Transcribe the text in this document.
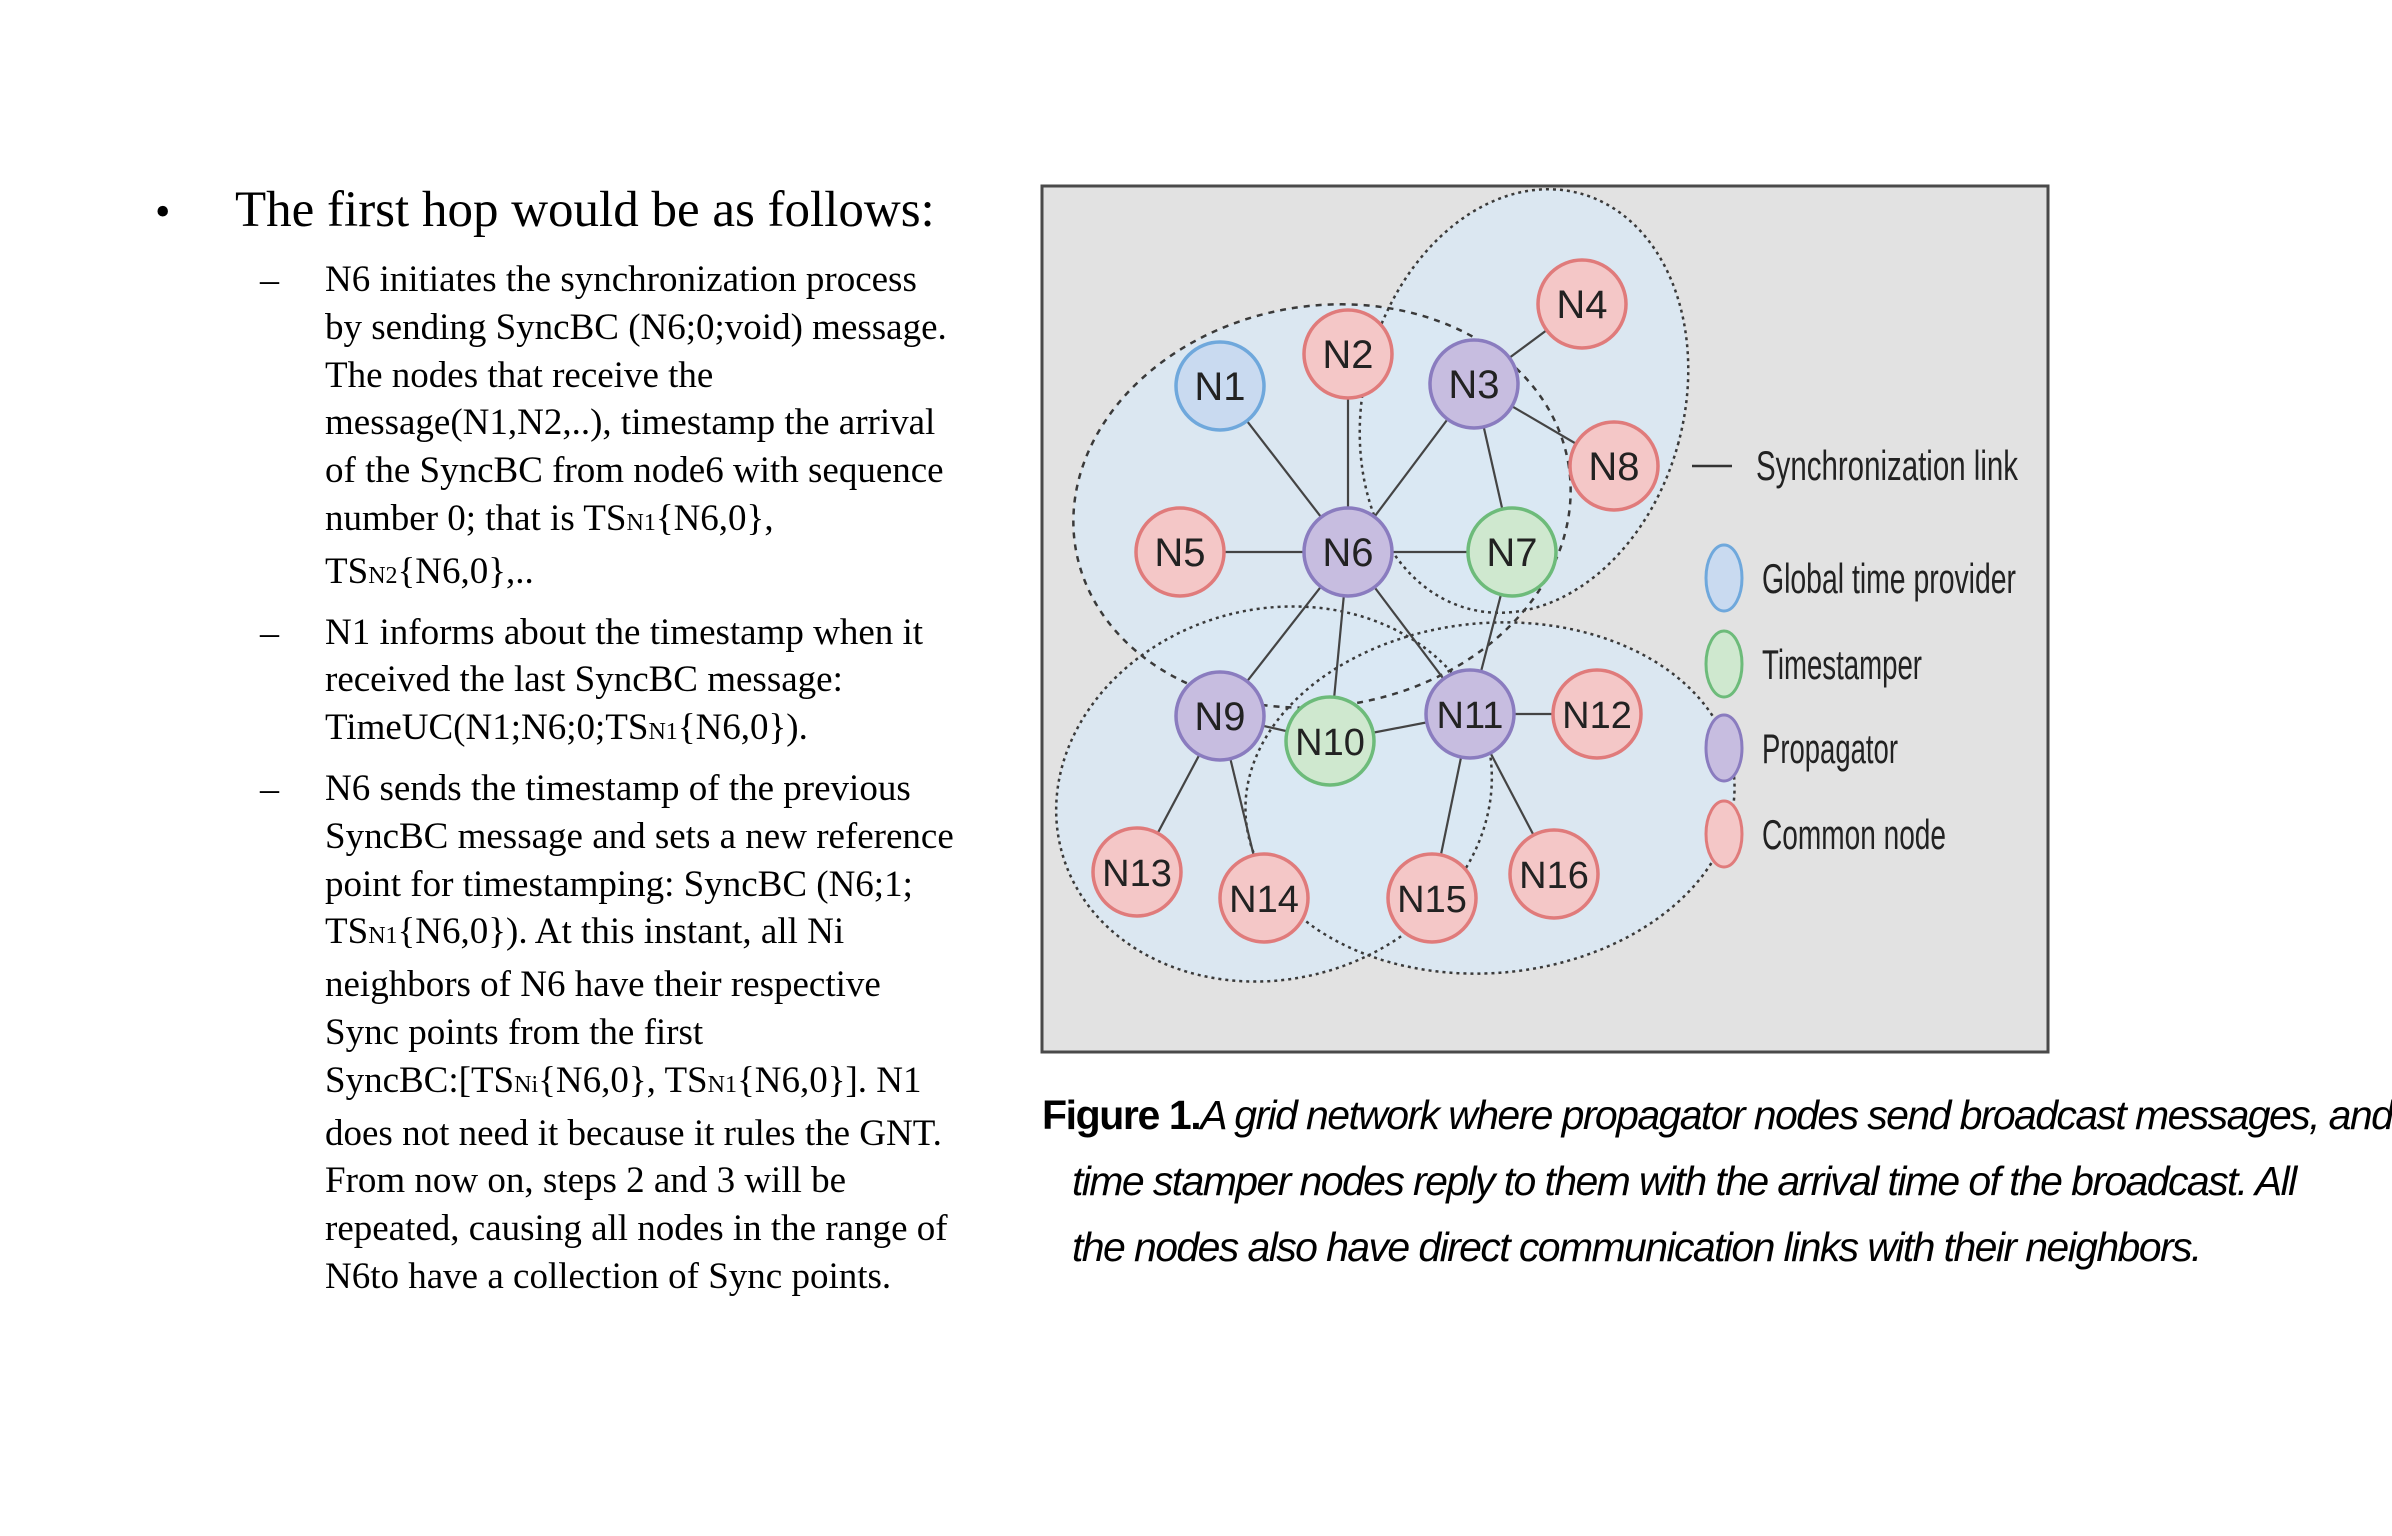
• The first hop would be as follows:
– N6 initiates the synchronization process
by sending SyncBC (N6;0;void) message.
The nodes that receive the
message(N1,N2,..), timestamp the arrival
of the SyncBC from node6 with sequence
number 0; that is TSN1{N6,0},
TSN2{N6,0},..
– N1 informs about the timestamp when it
received the last SyncBC message:
TimeUC(N1;N6;0;TSN1{N6,0}).
– N6 sends the timestamp of the previous
SyncBC message and sets a new reference
point for timestamping: SyncBC (N6;1;
TSN1{N6,0}). At this instant, all Ni
neighbors of N6 have their respective
Sync points from the first
SyncBC:[TSNi{N6,0}, TSN1{N6,0}]. N1
does not need it because it rules the GNT.
From now on, steps 2 and 3 will be
repeated, causing all nodes in the range of
N6to have a collection of Sync points.
N1
N2
N3
N4
N5	N6	N7
N8
N9
N10
N11 N12
N13
N14	N15
N16
Synchronization link
Global time provider
Timestamper
Propagator
Common node
Figure 1.A grid network where propagator nodes send broadcast messages, and
time stamper nodes reply to them with the arrival time of the broadcast. All
the nodes also have direct communication links with their neighbors.
